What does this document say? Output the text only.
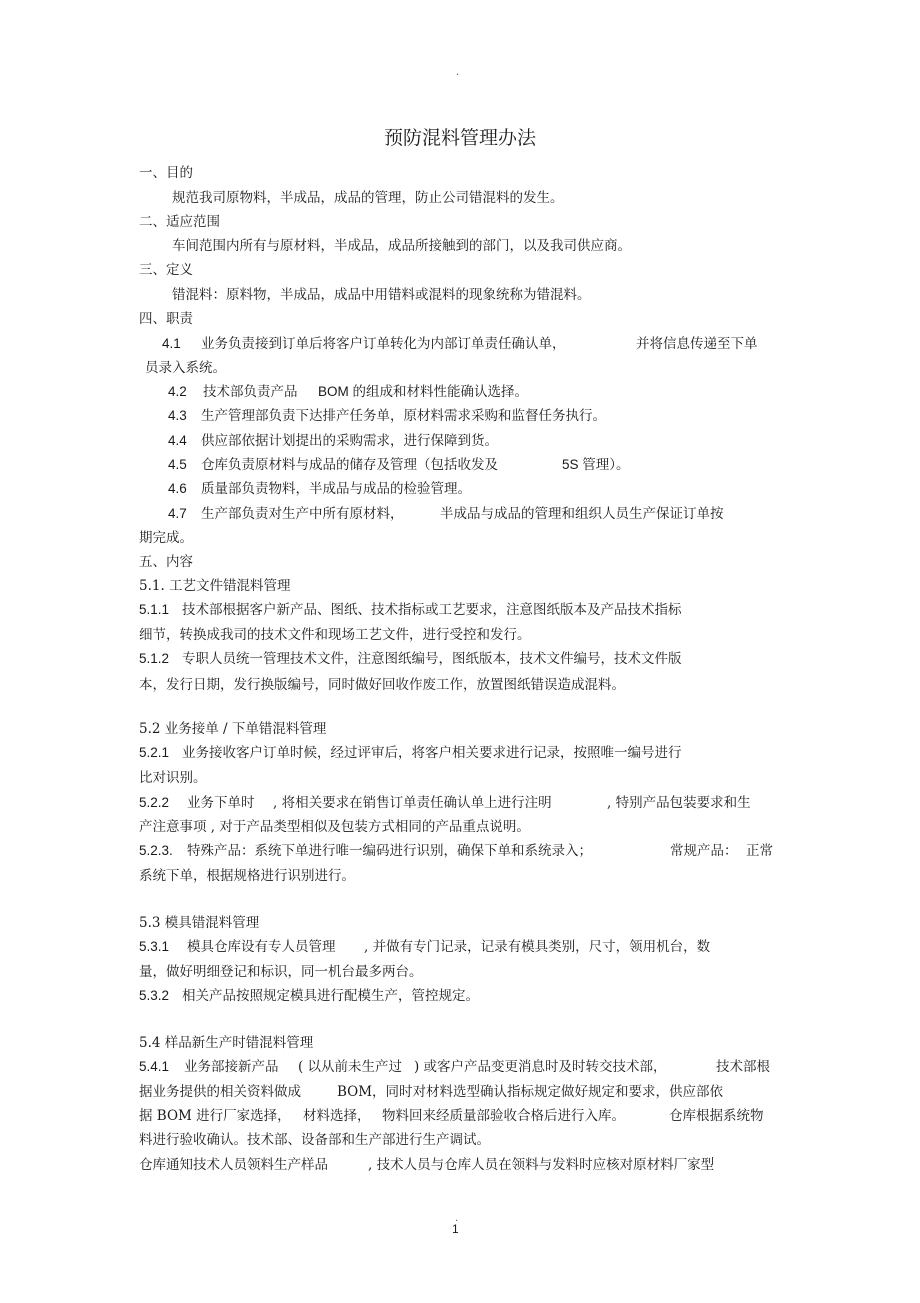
.
预防混料管理办法
一、目的
规范我司原物料，半成品，成品的管理，防止公司错混料的发生。
二、适应范围
车间范围内所有与原材料，半成品，成品所接触到的部门，以及我司供应商。
三、定义
错混料：原料物，半成品，成品中用错料或混料的现象统称为错混料。
四、职责
4.1 业务负责接到订单后将客户订单转化为内部订单责任确认单，	并将信息传递至下单
员录入系统。
4.2 技术部负责产品 BOM 的组成和材料性能确认选择。
4.3 生产管理部负责下达排产任务单，原材料需求采购和监督任务执行。
4.4 供应部依据计划提出的采购需求，进行保障到货。
4.5 仓库负责原材料与成品的储存及管理（包括收发及	5S 管理）。
4.6 质量部负责物料，半成品与成品的检验管理。
4.7 生产部负责对生产中所有原材料，	半成品与成品的管理和组织人员生产保证订单按
期完成。
五、内容
5.1. 工艺文件错混料管理
5.1.1 技术部根据客户新产品、图纸、技术指标或工艺要求，注意图纸版本及产品技术指标
细节，转换成我司的技术文件和现场工艺文件，进行受控和发行。
5.1.2 专职人员统一管理技术文件，注意图纸编号，图纸版本，技术文件编号，技术文件版
本，发行日期，发行换版编号，同时做好回收作废工作，放置图纸错误造成混料。
5.2 业务接单 / 下单错混料管理
5.2.1 业务接收客户订单时候，经过评审后，将客户相关要求进行记录，按照唯一编号进行
比对识别。
5.2.2 业务下单时 , 将相关要求在销售订单责任确认单上进行注明	, 特别产品包装要求和生
产注意事项 , 对于产品类型相似及包装方式相同的产品重点说明。
5.2.3. 特殊产品：系统下单进行唯一编码进行识别，确保下单和系统录入；	常规产品： 正常
系统下单，根据规格进行识别进行。
5.3 模具错混料管理
5.3.1 模具仓库设有专人员管理 , 并做有专门记录，记录有模具类别，尺寸，领用机台，数
量，做好明细登记和标识，同一机台最多两台。
5.3.2 相关产品按照规定模具进行配模生产，管控规定。
5.4 样品新生产时错混料管理
5.4.1 业务部接新产品 ( 以从前未生产过 ) 或客户产品变更消息时及时转交技术部，	技术部根
据业务提供的相关资料做成	BOM，同时对材料选型确认指标规定做好规定和要求，供应部依
据 BOM 进行厂家选择， 材料选择， 物料回来经质量部验收合格后进行入库。	仓库根据系统物
料进行验收确认。技术部、设备部和生产部进行生产调试。
仓库通知技术人员领料生产样品	, 技术人员与仓库人员在领料与发料时应核对原材料厂家型
.
1
